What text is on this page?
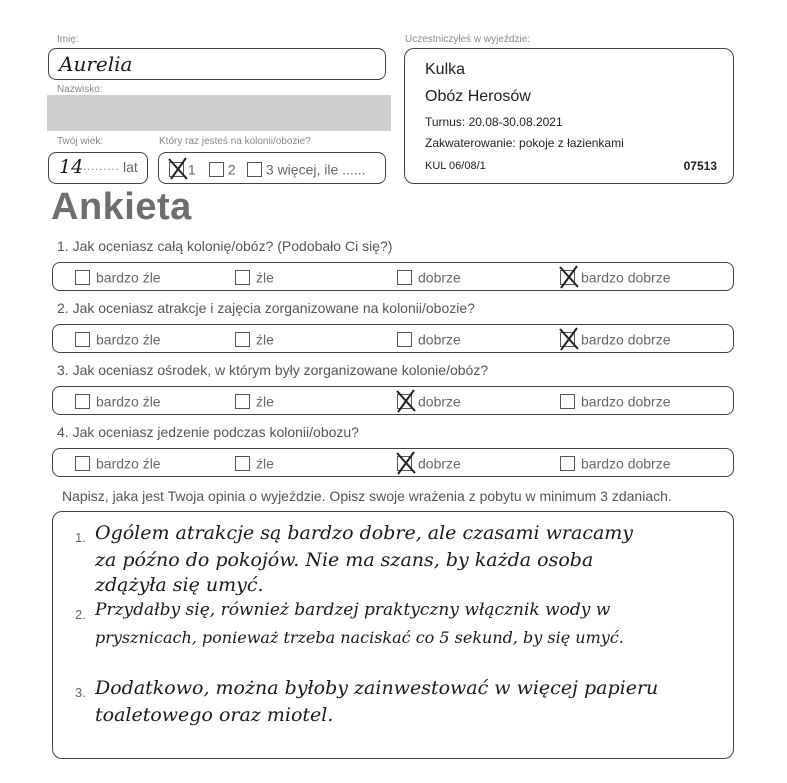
Imię:
Aurelia
Nazwisko:
Twój wiek:
14 ......... lat
Który raz jesteś na kolonii/obozie?
1	2	3 więcej, ile ......
Uczestniczyłeś w wyjeździe:
Kulka
Obóz Herosów
Turnus: 20.08-30.08.2021
Zakwaterowanie: pokoje z łazienkami
KUL 06/08/1	07513
Ankieta
1. Jak oceniasz całą kolonię/obóz? (Podobało Ci się?)
bardzo źle	źle	dobrze	bardzo dobrze
2. Jak oceniasz atrakcje i zajęcia zorganizowane na kolonii/obozie?
bardzo źle	źle	dobrze	bardzo dobrze
3. Jak oceniasz ośrodek, w którym były zorganizowane kolonie/obóz?
bardzo źle	źle	dobrze	bardzo dobrze
4. Jak oceniasz jedzenie podczas kolonii/obozu?
bardzo źle	źle	dobrze	bardzo dobrze
Napisz, jaka jest Twoja opinia o wyjeździe. Opisz swoje wrażenia z pobytu w minimum 3 zdaniach.
1. Ogólem atrakcje są bardzo dobre, ale czasami wracamy
za późno do pokojów. Nie ma szans, by każda osoba
zdążyła się umyć.
2. Przydałby się, również bardzej praktyczny włącznik wody w
prysznicach, ponieważ trzeba naciskać co 5 sekund, by się umyć.
3. Dodatkowo, można byłoby zainwestować w więcej papieru
toaletowego oraz miotel.
